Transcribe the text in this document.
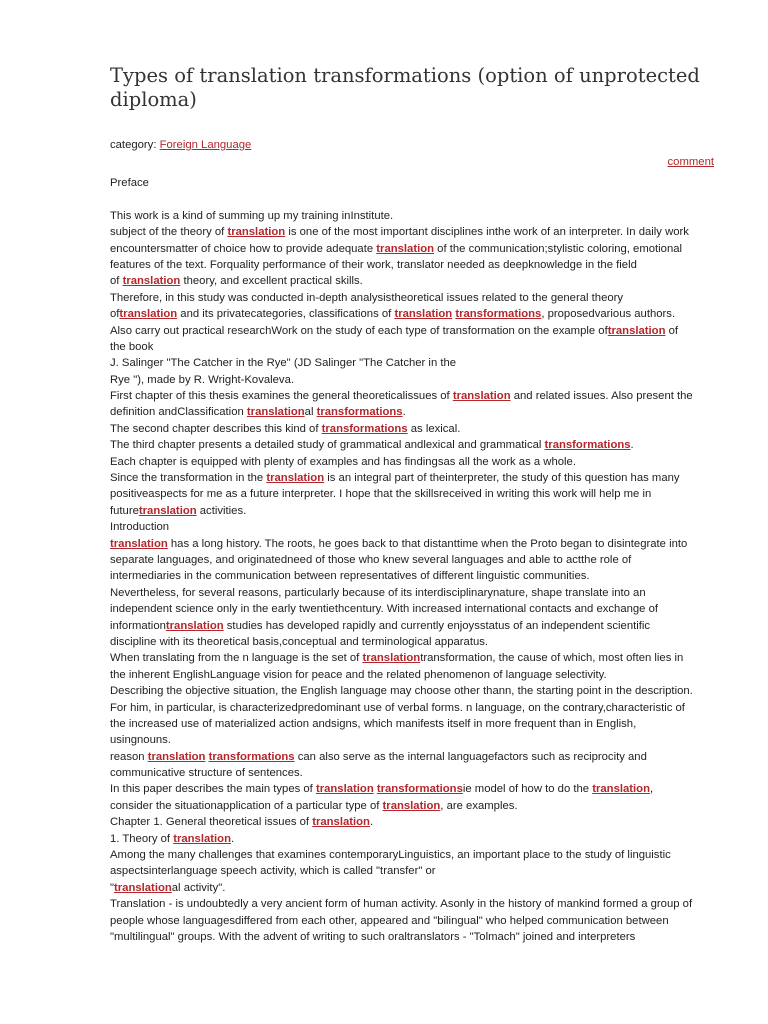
Types of translation transformations (option of unprotected diploma)
category: Foreign Language
comment
Preface
This work is a kind of summing up my training inInstitute.
subject of the theory of translation is one of the most important disciplines inthe work of an interpreter. In daily work
encountersmatter of choice how to provide adequate translation of the communication;stylistic coloring, emotional
features of the text. Forquality performance of their work, translator needed as deepknowledge in the field
of translation theory, and excellent practical skills.
Therefore, in this study was conducted in-depth analysistheoretical issues related to the general theory
oftranslation and its privatecategories, classifications of translation transformations, proposedvarious authors.
Also carry out practical researchWork on the study of each type of transformation on the example oftranslation of
the book
J. Salinger "The Catcher in the Rye" (JD Salinger "The Catcher in the
Rye "), made by R. Wright-Kovaleva.
First chapter of this thesis examines the general theoreticalissues of translation and related issues. Also present the
definition andClassification translational transformations.
The second chapter describes this kind of transformations as lexical.
The third chapter presents a detailed study of grammatical andlexical and grammatical transformations.
Each chapter is equipped with plenty of examples and has findingsas all the work as a whole.
Since the transformation in the translation is an integral part of theinterpreter, the study of this question has many
positiveaspects for me as a future interpreter. I hope that the skillsreceived in writing this work will help me in
futuretranslation activities.
Introduction
translation has a long history. The roots, he goes back to that distanttime when the Proto began to disintegrate into
separate languages, and originatedneed of those who knew several languages and able to actthe role of
intermediaries in the communication between representatives of different linguistic communities.
Nevertheless, for several reasons, particularly because of its interdisciplinarynature, shape translate into an
independent science only in the early twentiethcentury. With increased international contacts and exchange of
informationtranslation studies has developed rapidly and currently enjoysstatus of an independent scientific
discipline with its theoretical basis,conceptual and terminological apparatus.
When translating from the n language is the set of translationtransformation, the cause of which, most often lies in
the inherent EnglishLanguage vision for peace and the related phenomenon of language selectivity.
Describing the objective situation, the English language may choose other thann, the starting point in the description.
For him, in particular, is characterizedpredominant use of verbal forms. n language, on the contrary,characteristic of
the increased use of materialized action andsigns, which manifests itself in more frequent than in English,
usingnouns.
reason translation transformations can also serve as the internal languagefactors such as reciprocity and
communicative structure of sentences.
In this paper describes the main types of translation transformationsie model of how to do the translation,
consider the situationapplication of a particular type of translation, are examples.
Chapter 1. General theoretical issues of translation.
1. Theory of translation.
Among the many challenges that examines contemporaryLinguistics, an important place to the study of linguistic
aspectsinterlanguage speech activity, which is called "transfer" or
"translational activity".
Translation - is undoubtedly a very ancient form of human activity. Asonly in the history of mankind formed a group of
people whose languagesdiffered from each other, appeared and "bilingual" who helped communication between
"multilingual" groups. With the advent of writing to such oraltranslators - "Tolmach" joined and interpreters
